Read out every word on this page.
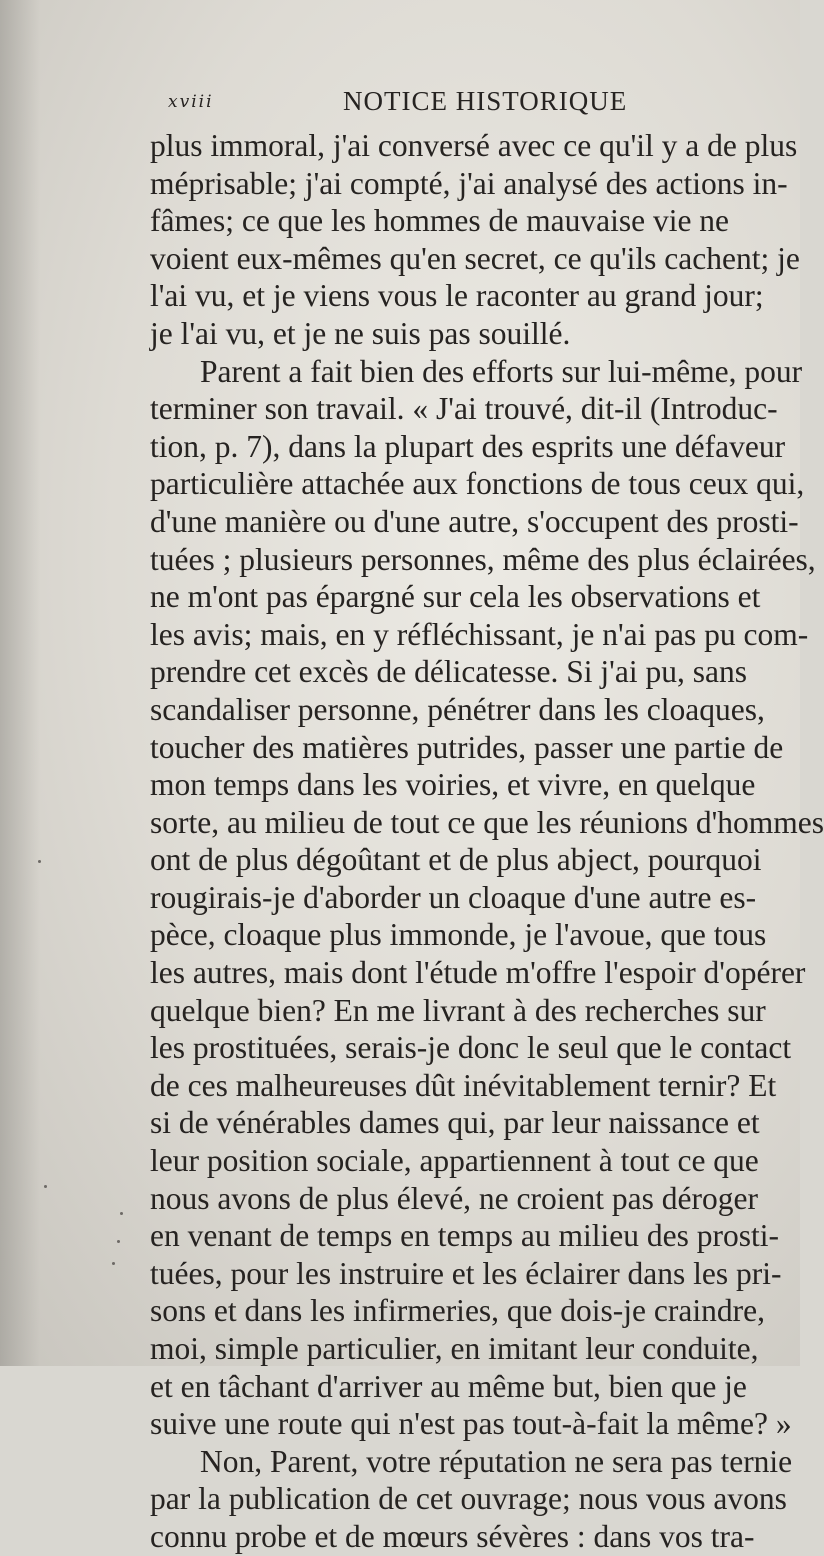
xviii	NOTICE HISTORIQUE
plus immoral, j'ai conversé avec ce qu'il y a de plus
méprisable; j'ai compté, j'ai analysé des actions in-
fâmes; ce que les hommes de mauvaise vie ne
voient eux-mêmes qu'en secret, ce qu'ils cachent; je
l'ai vu, et je viens vous le raconter au grand jour;
je l'ai vu, et je ne suis pas souillé.
Parent a fait bien des efforts sur lui-même, pour
terminer son travail. « J'ai trouvé, dit-il (Introduc-
tion, p. 7), dans la plupart des esprits une défaveur
particulière attachée aux fonctions de tous ceux qui,
d'une manière ou d'une autre, s'occupent des prosti-
tuées ; plusieurs personnes, même des plus éclairées,
ne m'ont pas épargné sur cela les observations et
les avis; mais, en y réfléchissant, je n'ai pas pu com-
prendre cet excès de délicatesse. Si j'ai pu, sans
scandaliser personne, pénétrer dans les cloaques,
toucher des matières putrides, passer une partie de
mon temps dans les voiries, et vivre, en quelque
sorte, au milieu de tout ce que les réunions d'hommes
ont de plus dégoûtant et de plus abject, pourquoi
rougirais-je d'aborder un cloaque d'une autre es-
pèce, cloaque plus immonde, je l'avoue, que tous
les autres, mais dont l'étude m'offre l'espoir d'opérer
quelque bien? En me livrant à des recherches sur
les prostituées, serais-je donc le seul que le contact
de ces malheureuses dût inévitablement ternir? Et
si de vénérables dames qui, par leur naissance et
leur position sociale, appartiennent à tout ce que
nous avons de plus élevé, ne croient pas déroger
en venant de temps en temps au milieu des prosti-
tuées, pour les instruire et les éclairer dans les pri-
sons et dans les infirmeries, que dois-je craindre,
moi, simple particulier, en imitant leur conduite,
et en tâchant d'arriver au même but, bien que je
suive une route qui n'est pas tout-à-fait la même? »
Non, Parent, votre réputation ne sera pas ternie
par la publication de cet ouvrage; nous vous avons
connu probe et de mœurs sévères : dans vos tra-
